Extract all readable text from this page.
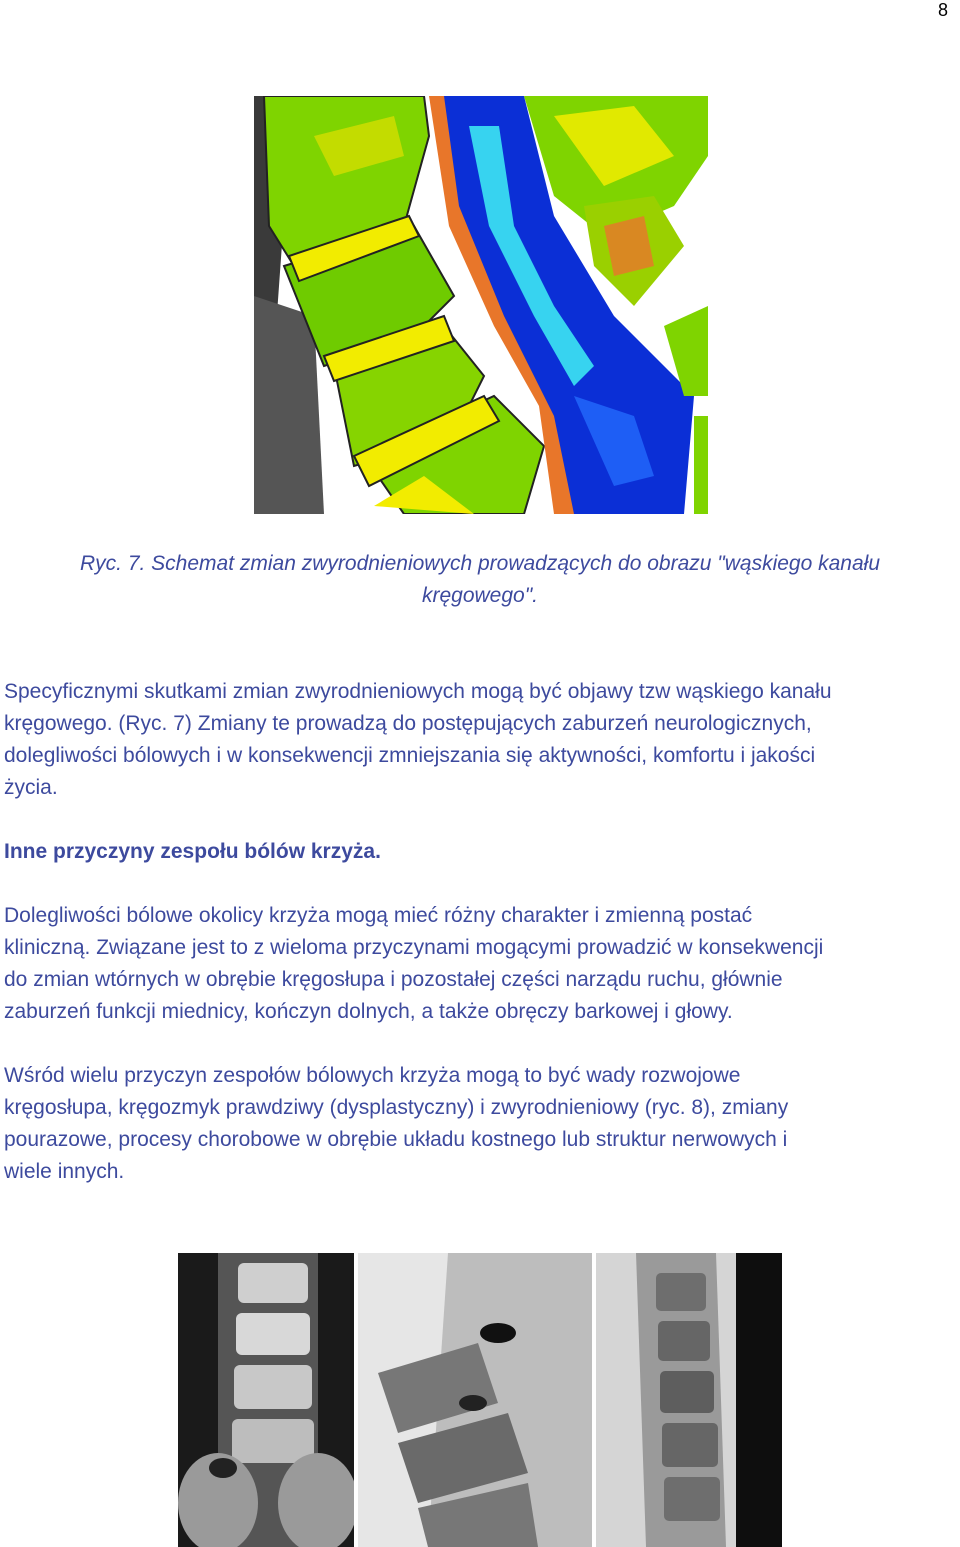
8
Ryc. 7. Schemat zmian zwyrodnieniowych prowadzących do obrazu "wąskiego kanału
kręgowego".
Specyficznymi skutkami zmian zwyrodnieniowych mogą być objawy tzw wąskiego kanału
kręgowego. (Ryc. 7) Zmiany te prowadzą do postępujących zaburzeń neurologicznych,
dolegliwości bólowych i w konsekwencji zmniejszania się aktywności, komfortu i jakości
życia.
Inne przyczyny zespołu bólów krzyża.
Dolegliwości bólowe okolicy krzyża mogą mieć różny charakter i zmienną postać
kliniczną. Związane jest to z wieloma przyczynami mogącymi prowadzić w konsekwencji
do zmian wtórnych w obrębie kręgosłupa i pozostałej części narządu ruchu, głównie
zaburzeń funkcji miednicy, kończyn dolnych, a także obręczy barkowej i głowy.
Wśród wielu przyczyn zespołów bólowych krzyża mogą to być wady rozwojowe
kręgosłupa, kręgozmyk prawdziwy (dysplastyczny) i zwyrodnieniowy (ryc. 8), zmiany
pourazowe, procesy chorobowe w obrębie układu kostnego lub struktur nerwowych i
wiele innych.
